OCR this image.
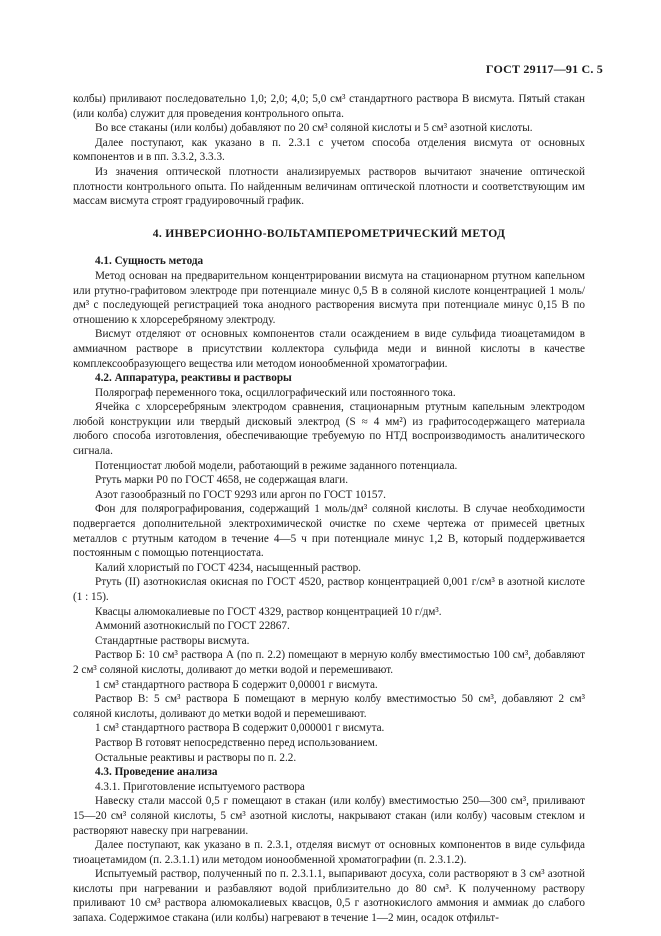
ГОСТ 29117—91 С. 5

колбы) приливают последовательно 1,0; 2,0; 4,0; 5,0 см³ стандартного раствора В висмута. Пятый стакан (или колба) служит для проведения контрольного опыта.

Во все стаканы (или колбы) добавляют по 20 см³ соляной кислоты и 5 см³ азотной кислоты.

Далее поступают, как указано в п. 2.3.1 с учетом способа отделения висмута от основных компонентов и в пп. 3.3.2, 3.3.3.

Из значения оптической плотности анализируемых растворов вычитают значение оптической плотности контрольного опыта. По найденным величинам оптической плотности и соответствующим им массам висмута строят градуировочный график.

4. ИНВЕРСИОННО-ВОЛЬТАМПЕРОМЕТРИЧЕСКИЙ МЕТОД

4.1. Сущность метода

Метод основан на предварительном концентрировании висмута на стационарном ртутном капельном или ртутно-графитовом электроде при потенциале минус 0,5 В в соляной кислоте концентрацией 1 моль/дм³ с последующей регистрацией тока анодного растворения висмута при потенциале минус 0,15 В по отношению к хлорсеребряному электроду.

Висмут отделяют от основных компонентов стали осаждением в виде сульфида тиоацетамидом в аммиачном растворе в присутствии коллектора сульфида меди и винной кислоты в качестве комплексообразующего вещества или методом ионообменной хроматографии.

4.2. Аппаратура, реактивы и растворы

Полярограф переменного тока, осциллографический или постоянного тока.

Ячейка с хлорсеребряным электродом сравнения, стационарным ртутным капельным электродом любой конструкции или твердый дисковый электрод (S ≈ 4 мм²) из графитосодержащего материала любого способа изготовления, обеспечивающие требуемую по НТД воспроизводимость аналитического сигнала.

Потенциостат любой модели, работающий в режиме заданного потенциала.

Ртуть марки Р0 по ГОСТ 4658, не содержащая влаги.

Азот газообразный по ГОСТ 9293 или аргон по ГОСТ 10157.

Фон для полярографирования, содержащий 1 моль/дм³ соляной кислоты. В случае необходимости подвергается дополнительной электрохимической очистке по схеме чертежа от примесей цветных металлов с ртутным катодом в течение 4—5 ч при потенциале минус 1,2 В, который поддерживается постоянным с помощью потенциостата.

Калий хлористый по ГОСТ 4234, насыщенный раствор.

Ртуть (II) азотнокислая окисная по ГОСТ 4520, раствор концентрацией 0,001 г/см³ в азотной кислоте (1 : 15).

Квасцы алюмокалиевые по ГОСТ 4329, раствор концентрацией 10 г/дм³.

Аммоний азотнокислый по ГОСТ 22867.

Стандартные растворы висмута.

Раствор Б: 10 см³ раствора А (по п. 2.2) помещают в мерную колбу вместимостью 100 см³, добавляют 2 см³ соляной кислоты, доливают до метки водой и перемешивают.

1 см³ стандартного раствора Б содержит 0,00001 г висмута.

Раствор В: 5 см³ раствора Б помещают в мерную колбу вместимостью 50 см³, добавляют 2 см³ соляной кислоты, доливают до метки водой и перемешивают.

1 см³ стандартного раствора В содержит 0,000001 г висмута.

Раствор В готовят непосредственно перед использованием.

Остальные реактивы и растворы по п. 2.2.

4.3. Проведение анализа

4.3.1. Приготовление испытуемого раствора

Навеску стали массой 0,5 г помещают в стакан (или колбу) вместимостью 250—300 см³, приливают 15—20 см³ соляной кислоты, 5 см³ азотной кислоты, накрывают стакан (или колбу) часовым стеклом и растворяют навеску при нагревании.

Далее поступают, как указано в п. 2.3.1, отделяя висмут от основных компонентов в виде сульфида тиоацетамидом (п. 2.3.1.1) или методом ионообменной хроматографии (п. 2.3.1.2).

Испытуемый раствор, полученный по п. 2.3.1.1, выпаривают досуха, соли растворяют в 3 см³ азотной кислоты при нагревании и разбавляют водой приблизительно до 80 см³. К полученному раствору приливают 10 см³ раствора алюмокалиевых квасцов, 0,5 г азотнокислого аммония и аммиак до слабого запаха. Содержимое стакана (или колбы) нагревают в течение 1—2 мин, осадок отфильт-
